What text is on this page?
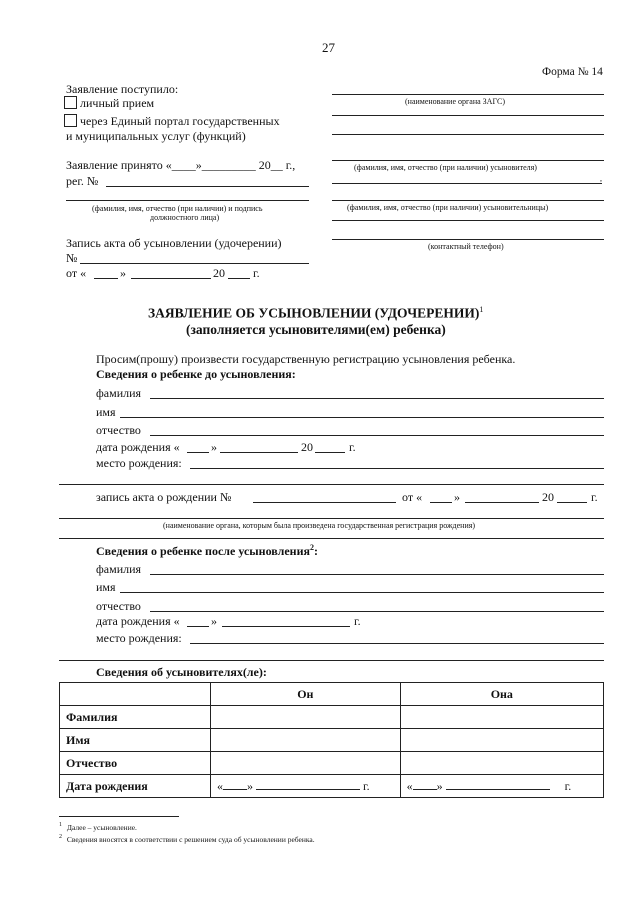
27
Форма № 14
Заявление поступило:
личный прием
через Единый портал государственных
и муниципальных услуг (функций)
Заявление принято «____»_________ 20__ г.,
рег. №
(фамилия, имя, отчество (при наличии) и подпись
должностного лица)
Запись акта об усыновлении (удочерении)
№
от «	»	20 г.
(наименование органа ЗАГС)
(фамилия, имя, отчество (при наличии) усыновителя)
,
(фамилия, имя, отчество (при наличии) усыновительницы)
(контактный телефон)
ЗАЯВЛЕНИЕ ОБ УСЫНОВЛЕНИИ (УДОЧЕРЕНИИ)$^1$
(заполняется усыновителями(ем) ребенка)
Просим(прошу) произвести государственную регистрацию усыновления ребенка.
Сведения о ребенке до усыновления:
фамилия
имя
отчество
дата рождения «	»	20	г.
место рождения:
запись акта о рождении №	от «	»	20	г.
(наименование органа, которым была произведена государственная регистрация рождения)
Сведения о ребенке после усыновления$^2$:
фамилия
имя
отчество
дата рождения «	»	г.
место рождения:
Сведения об усыновителях(ле):
	Он	Она
Фамилия		
Имя		
Отчество		
Дата рождения	« » г.	« » г.
$^1$ Далее – усыновление.
$^2$ Сведения вносятся в соответствии с решением суда об усыновлении ребенка.
